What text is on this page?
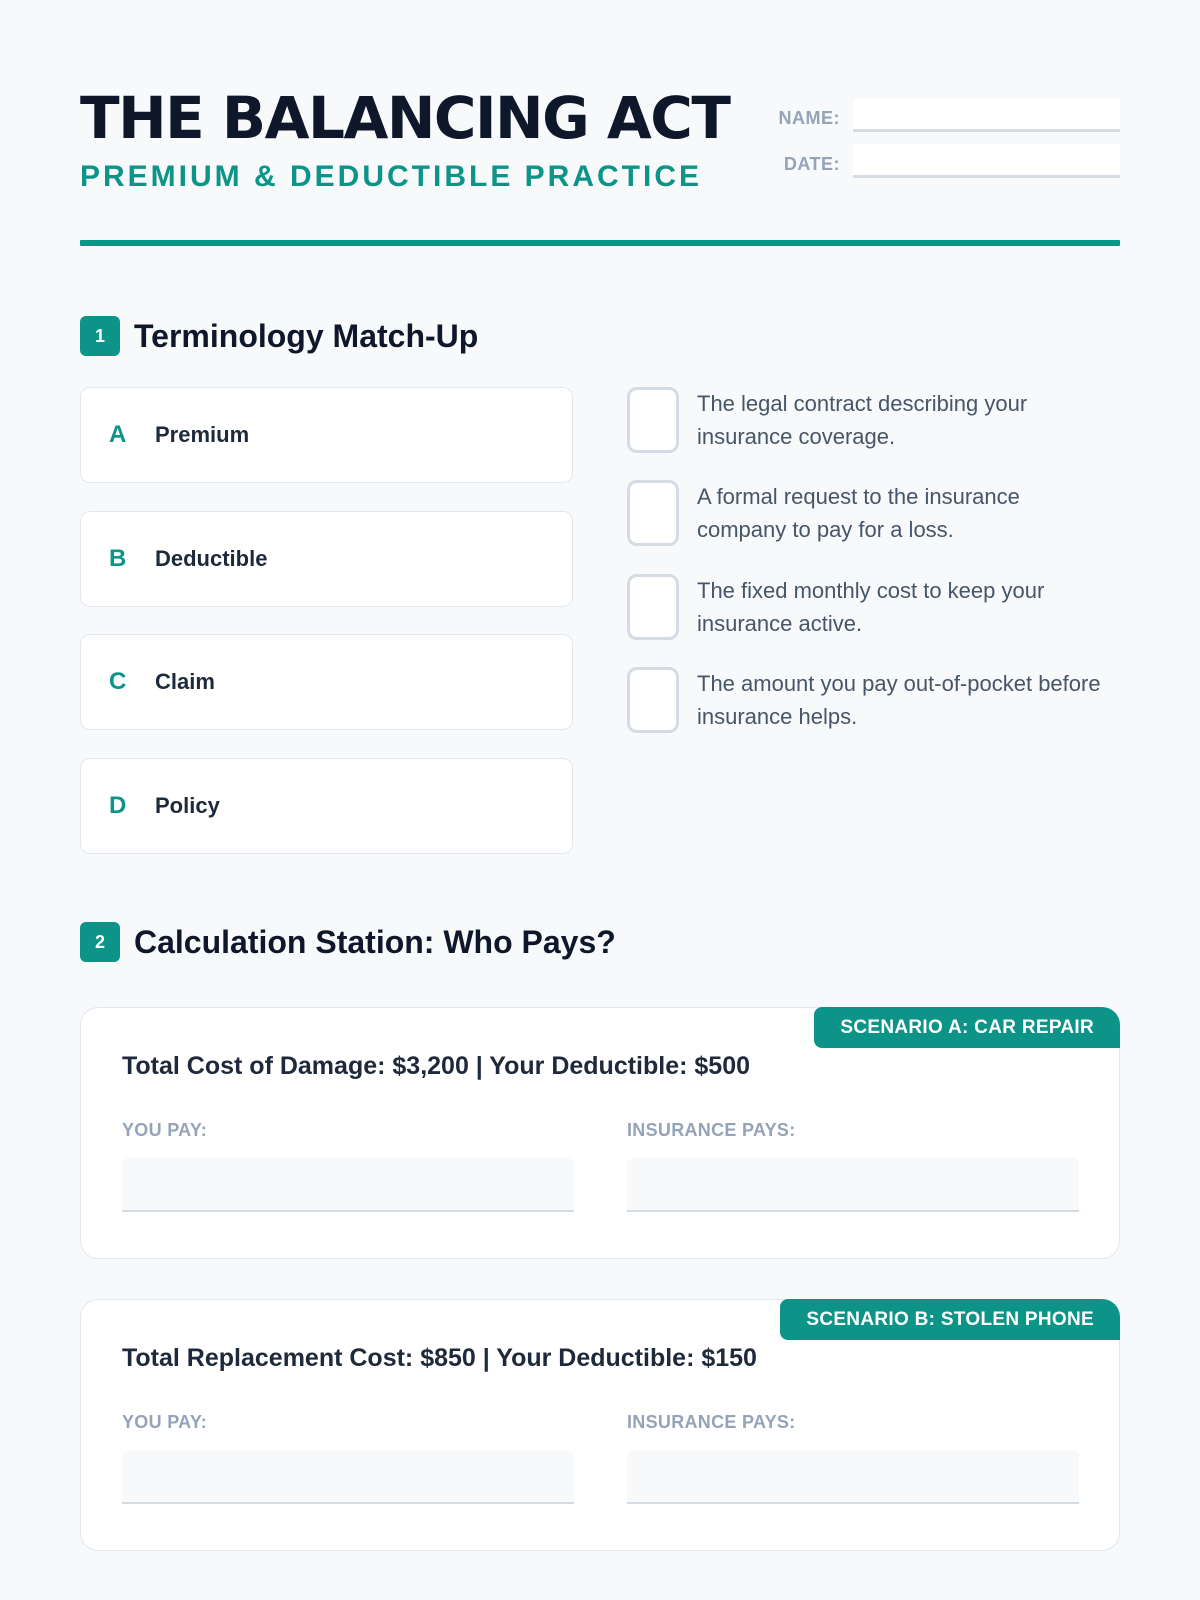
THE BALANCING ACT
PREMIUM & DEDUCTIBLE PRACTICE
NAME:
DATE:
1 Terminology Match-Up
A	Premium
B	Deductible
C	Claim
D	Policy
The legal contract describing your insurance coverage.
A formal request to the insurance company to pay for a loss.
The fixed monthly cost to keep your insurance active.
The amount you pay out-of-pocket before insurance helps.
2 Calculation Station: Who Pays?
SCENARIO A: CAR REPAIR
Total Cost of Damage: $3,200 | Your Deductible: $500
YOU PAY:	INSURANCE PAYS:
SCENARIO B: STOLEN PHONE
Total Replacement Cost: $850 | Your Deductible: $150
YOU PAY:	INSURANCE PAYS:
